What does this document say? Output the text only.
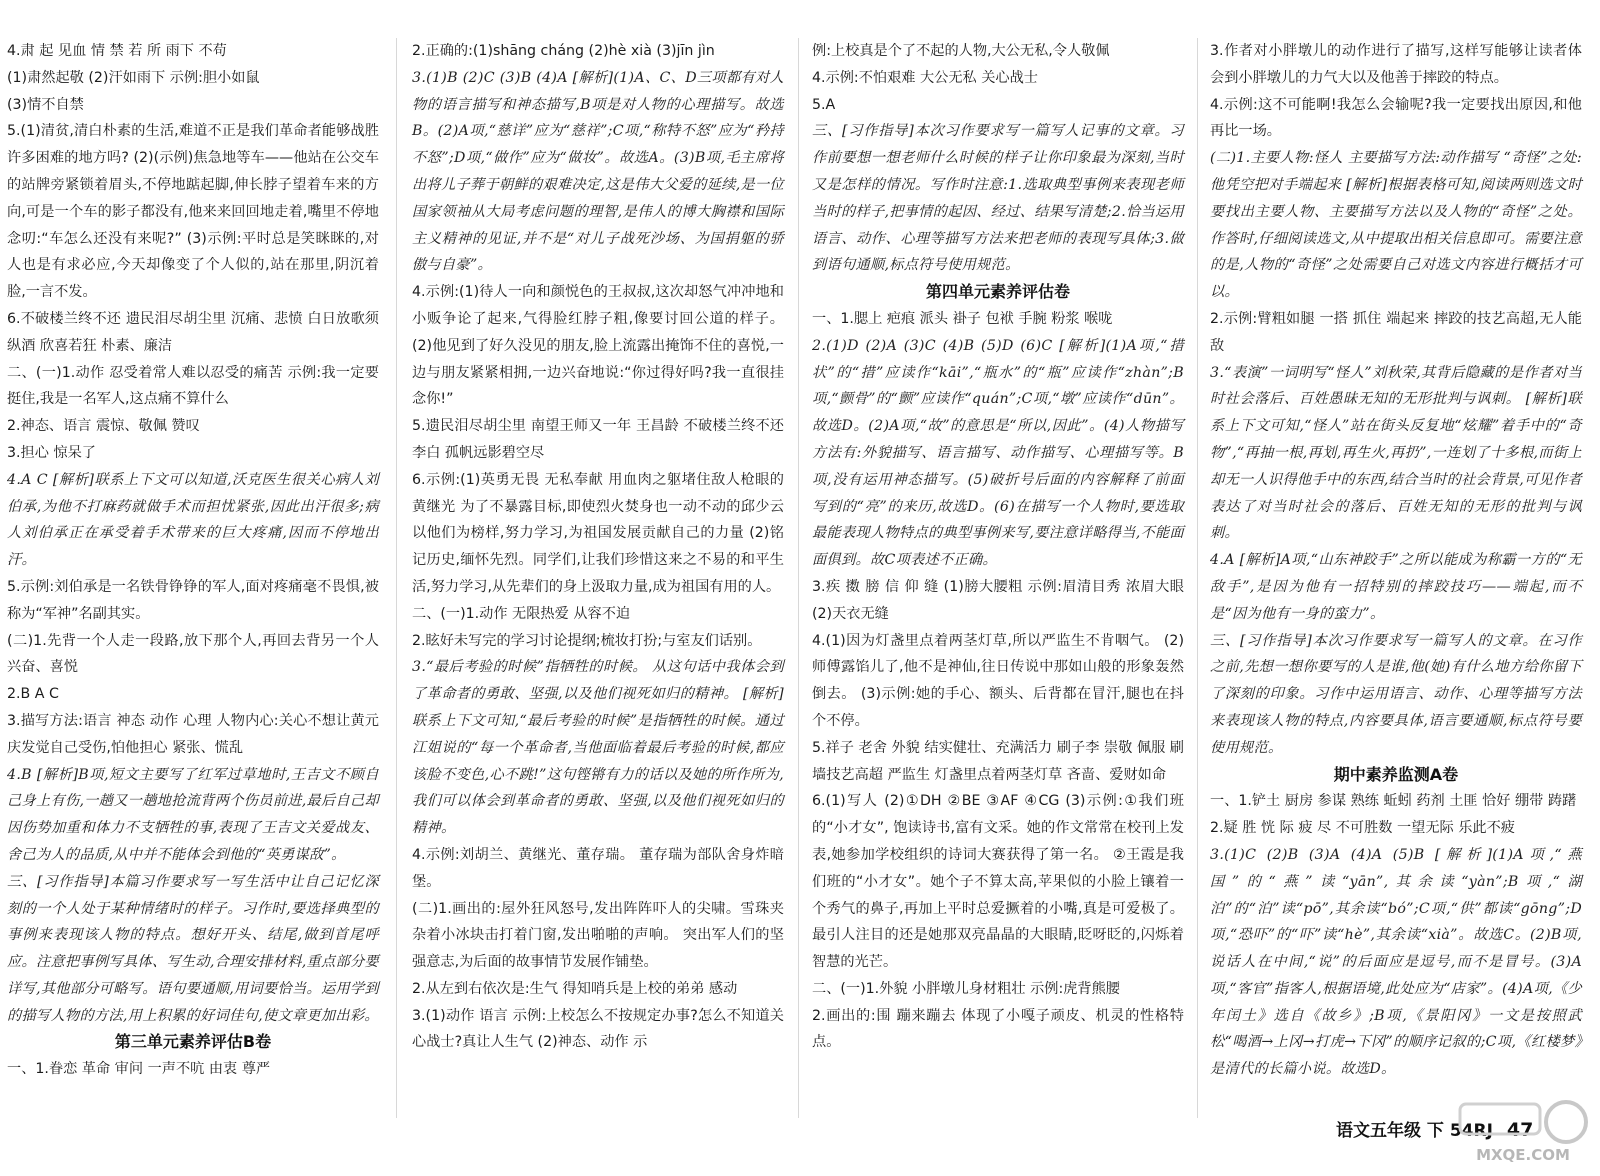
4.肃 起 见血 情 禁 若 所 雨下 不苟

(1)肃然起敬 (2)汗如雨下 示例:胆小如鼠

(3)情不自禁

5.(1)清贫,清白朴素的生活,难道不正是我们革命者能够战胜许多困难的地方吗? (2)(示例)焦急地等车——他站在公交车的站牌旁紧锁着眉头,不停地踮起脚,伸长脖子望着车来的方向,可是一个车的影子都没有,他来来回回地走着,嘴里不停地念叨:“车怎么还没有来呢?” (3)示例:平时总是笑眯眯的,对人也是有求必应,今天却像变了个人似的,站在那里,阴沉着脸,一言不发。

6.不破楼兰终不还 遗民泪尽胡尘里 沉痛、悲愤 白日放歌须纵酒 欣喜若狂 朴素、廉洁

二、(一)1.动作 忍受着常人难以忍受的痛苦 示例:我一定要挺住,我是一名军人,这点痛不算什么

2.神态、语言 震惊、敬佩 赞叹

3.担心 惊呆了

4.A C [解析]联系上下文可以知道,沃克医生很关心病人刘伯承,为他不打麻药就做手术而担忧紧张,因此出汗很多;病人刘伯承正在承受着手术带来的巨大疼痛,因而不停地出汗。

5.示例:刘伯承是一名铁骨铮铮的军人,面对疼痛毫不畏惧,被称为“军神”名副其实。

(二)1.先背一个人走一段路,放下那个人,再回去背另一个人 兴奋、喜悦

2.B A C

3.描写方法:语言 神态 动作 心理 人物内心:关心不想让黄元庆发觉自己受伤,怕他担心 紧张、慌乱

4.B [解析]B项,短文主要写了红军过草地时,王吉文不顾自己身上有伤,一趟又一趟地抢流背两个伤员前进,最后自己却因伤势加重和体力不支牺牲的事,表现了王吉文关爱战友、舍己为人的品质,从中并不能体会到他的“英勇谋敌”。

三、[习作指导]本篇习作要求写一写生活中让自己记忆深刻的一个人处于某种情绪时的样子。习作时,要选择典型的事例来表现该人物的特点。想好开头、结尾,做到首尾呼应。注意把事例写具体、写生动,合理安排材料,重点部分要详写,其他部分可略写。语句要通顺,用词要恰当。运用学到的描写人物的方法,用上积累的好词佳句,使文章更加出彩。

第三单元素养评估B卷

一、1.眷恋 革命 审问 一声不吭 由衷 尊严

2.正确的:(1)shāng cháng (2)hè xià (3)jīn jìn

3.(1)B (2)C (3)B (4)A [解析](1)A、C、D三项都有对人物的语言描写和神态描写,B项是对人物的心理描写。故选B。(2)A项,“慈详”应为“慈祥”;C项,“称特不怒”应为“矜持不怒”;D项,“做作”应为“做妆”。故选A。(3)B项,毛主席将出将儿子葬于朝鲜的艰难决定,这是伟大父爱的延续,是一位国家领袖从大局考虑问题的理智,是伟人的博大胸襟和国际主义精神的见证,并不是“对儿子战死沙场、为国捐躯的骄傲与自豪”。

4.示例:(1)待人一向和颜悦色的王叔叔,这次却怒气冲冲地和小贩争论了起来,气得脸红脖子粗,像要讨回公道的样子。 (2)他见到了好久没见的朋友,脸上流露出掩饰不住的喜悦,一边与朋友紧紧相拥,一边兴奋地说:“你过得好吗?我一直很挂念你!”

5.遗民泪尽胡尘里 南望王师又一年 王昌龄 不破楼兰终不还 李白 孤帆远影碧空尽

6.示例:(1)英勇无畏 无私奉献 用血肉之躯堵住敌人枪眼的黄继光 为了不暴露目标,即使烈火焚身也一动不动的邱少云 以他们为榜样,努力学习,为祖国发展贡献自己的力量 (2)铭记历史,缅怀先烈。同学们,让我们珍惜这来之不易的和平生活,努力学习,从先辈们的身上汲取力量,成为祖国有用的人。

二、(一)1.动作 无限热爱 从容不迫

2.眩好未写完的学习讨论提纲;梳妆打扮;与室友们话别。

3.“最后考验的时候”指牺牲的时候。 从这句话中我体会到了革命者的勇敢、坚强,以及他们视死如归的精神。 [解析]联系上下文可知,“最后考验的时候”是指牺牲的时候。通过江姐说的“每一个革命者,当他面临着最后考验的时候,都应该脸不变色,心不跳!”这句铿锵有力的话以及她的所作所为,我们可以体会到革命者的勇敢、坚强,以及他们视死如归的精神。

4.示例:刘胡兰、黄继光、董存瑞。 董存瑞为部队舍身炸暗堡。

(二)1.画出的:屋外狂风怒号,发出阵阵吓人的尖啸。雪珠夹杂着小冰块击打着门窗,发出啪啪的声响。 突出军人们的坚强意志,为后面的故事情节发展作铺垫。

2.从左到右依次是:生气 得知哨兵是上校的弟弟 感动

3.(1)动作 语言 示例:上校怎么不按规定办事?怎么不知道关心战士?真让人生气 (2)神态、动作 示

例:上校真是个了不起的人物,大公无私,令人敬佩

4.示例:不怕艰难 大公无私 关心战士

5.A

三、[习作指导]本次习作要求写一篇写人记事的文章。习作前要想一想老师什么时候的样子让你印象最为深刻,当时又是怎样的情况。写作时注意:1.选取典型事例来表现老师当时的样子,把事情的起因、经过、结果写清楚;2.恰当运用语言、动作、心理等描写方法来把老师的表现写具体;3.做到语句通顺,标点符号使用规范。

第四单元素养评估卷

一、1.腮上 疤痕 派头 褂子 包袱 手腕 粉浆 喉咙

2.(1)D (2)A (3)C (4)B (5)D (6)C [解析](1)A项,“措状”的“措”应读作“kāi”,“瓶水”的“瓶”应读作“zhàn”;B项,“颤骨”的“颤”应读作“quán”;C项,“墩”应读作“dūn”。故选D。(2)A项,“故”的意思是“所以,因此”。(4)人物描写方法有:外貌描写、语言描写、动作描写、心理描写等。B项,没有运用神态描写。(5)破折号后面的内容解释了前面写到的“亮”的来历,故选D。(6)在描写一个人物时,要选取最能表现人物特点的典型事例来写,要注意详略得当,不能面面俱到。故C项表述不正确。

3.疾 擞 膀 信 仰 缝 (1)膀大腰粗 示例:眉清目秀 浓眉大眼 (2)天衣无缝

4.(1)因为灯盏里点着两茎灯草,所以严监生不肯咽气。 (2)师傅露馅儿了,他不是神仙,往日传说中那如山般的形象轰然倒去。 (3)示例:她的手心、额头、后背都在冒汗,腿也在抖个不停。

5.祥子 老舍 外貌 结实健壮、充满活力 刷子李 崇敬 佩服 刷墙技艺高超 严监生 灯盏里点着两茎灯草 吝啬、爱财如命

6.(1)写人 (2)①DH ②BE ③AF ④CG (3)示例:①我们班的“小才女”, 饱读诗书,富有文采。她的作文常常在校刊上发表,她参加学校组织的诗词大赛获得了第一名。 ②王霞是我们班的“小才女”。她个子不算太高,苹果似的小脸上镶着一个秀气的鼻子,再加上平时总爱撅着的小嘴,真是可爱极了。最引人注目的还是她那双亮晶晶的大眼睛,眨呀眨的,闪烁着智慧的光芒。

二、(一)1.外貌 小胖墩儿身材粗壮 示例:虎背熊腰

2.画出的:围 蹦来蹦去 体现了小嘎子顽皮、机灵的性格特点。

3.作者对小胖墩儿的动作进行了描写,这样写能够让读者体会到小胖墩儿的力气大以及他善于摔跤的特点。

4.示例:这不可能啊!我怎么会输呢?我一定要找出原因,和他再比一场。

(二)1.主要人物:怪人 主要描写方法:动作描写 “奇怪”之处:他凭空把对手端起来 [解析]根据表格可知,阅读两则选文时要找出主要人物、主要描写方法以及人物的“奇怪”之处。作答时,仔细阅读选文,从中提取出相关信息即可。需要注意的是,人物的“奇怪”之处需要自己对选文内容进行概括才可以。

2.示例:臂粗如腿 一搭 抓住 端起来 摔跤的技艺高超,无人能敌

3.“表演”一词明写“怪人”刘秋荣,其背后隐藏的是作者对当时社会落后、百姓愚昧无知的无形批判与讽刺。 [解析]联系上下文可知,“怪人”站在街头反复地“炫耀”着手中的“奇物”,“再抽一根,再划,再生火,再扔”,一连划了十多根,而街上却无一人识得他手中的东西,结合当时的社会背景,可见作者表达了对当时社会的落后、百姓无知的无形的批判与讽刺。

4.A [解析]A项,“山东神跤手”之所以能成为称霸一方的“无敌手”,是因为他有一招特别的摔跤技巧——端起,而不是“因为他有一身的蛮力”。

三、[习作指导]本次习作要求写一篇写人的文章。在习作之前,先想一想你要写的人是谁,他(她)有什么地方给你留下了深刻的印象。习作中运用语言、动作、心理等描写方法来表现该人物的特点,内容要具体,语言要通顺,标点符号要使用规范。

期中素养监测A卷

一、1.铲土 厨房 参谋 熟练 蚯蚓 药剂 土匪 恰好 绷带 踌躇

2.疑 胜 恍 际 疲 尽 不可胜数 一望无际 乐此不疲

3.(1)C (2)B (3)A (4)A (5)B [解析](1)A项,“燕国”的“燕”读“yān”,其余读“yàn”;B项,“湖泊”的“泊”读“pō”,其余读“bó”;C项,“供”都读“gōng”;D项,“恐吓”的“吓”读“hè”,其余读“xià”。故选C。(2)B项,说话人在中间,“说”的后面应是逗号,而不是冒号。(3)A项,“客官”指客人,根据语境,此处应为“店家”。(4)A项,《少年闰土》选自《故乡》;B项,《景阳冈》一文是按照武松“喝酒→上冈→打虎→下冈”的顺序记叙的;C项,《红楼梦》是清代的长篇小说。故选D。

语文五年级 下 54RJ 47
MXQE.COM
